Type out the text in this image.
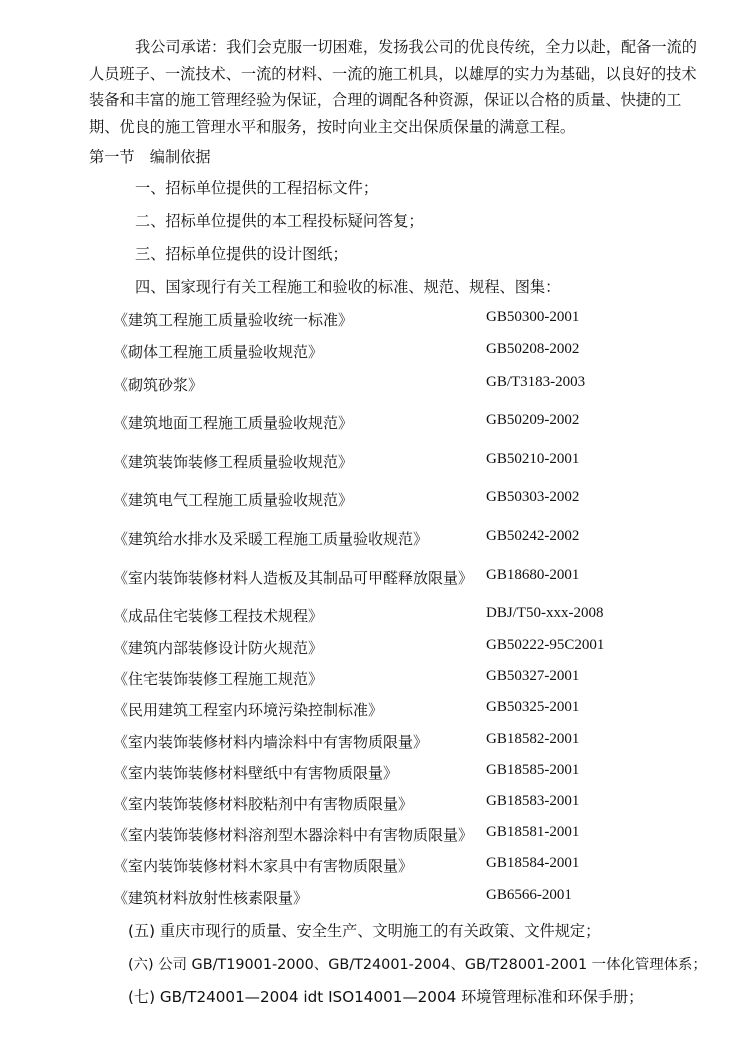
我公司承诺：我们会克服一切困难，发扬我公司的优良传统，全力以赴，配备一流的人员班子、一流技术、一流的材料、一流的施工机具，以雄厚的实力为基础，以良好的技术装备和丰富的施工管理经验为保证，合理的调配各种资源，保证以合格的质量、快捷的工期、优良的施工管理水平和服务，按时向业主交出保质保量的满意工程。
第一节　编制依据
一、招标单位提供的工程招标文件；
二、招标单位提供的本工程投标疑问答复；
三、招标单位提供的设计图纸；
四、国家现行有关工程施工和验收的标准、规范、规程、图集：
《建筑工程施工质量验收统一标准》	GB50300-2001
《砌体工程施工质量验收规范》	GB50208-2002
《砌筑砂浆》	GB/T3183-2003
《建筑地面工程施工质量验收规范》	GB50209-2002
《建筑装饰装修工程质量验收规范》	GB50210-2001
《建筑电气工程施工质量验收规范》	GB50303-2002
《建筑给水排水及采暖工程施工质量验收规范》	GB50242-2002
《室内装饰装修材料人造板及其制品可甲醛释放限量》 GB18680-2001
《成品住宅装修工程技术规程》	DBJ/T50-xxx-2008
《建筑内部装修设计防火规范》	GB50222-95C2001
《住宅装饰装修工程施工规范》	GB50327-2001
《民用建筑工程室内环境污染控制标准》	GB50325-2001
《室内装饰装修材料内墙涂料中有害物质限量》	GB18582-2001
《室内装饰装修材料壁纸中有害物质限量》	GB18585-2001
《室内装饰装修材料胶粘剂中有害物质限量》	GB18583-2001
《室内装饰装修材料溶剂型木器涂料中有害物质限量》 GB18581-2001
《室内装饰装修材料木家具中有害物质限量》	GB18584-2001
《建筑材料放射性核素限量》	GB6566-2001
(五) 重庆市现行的质量、安全生产、文明施工的有关政策、文件规定；
(六) 公司 GB/T19001-2000、GB/T24001-2004、GB/T28001-2001 一体化管理体系；
(七) GB/T24001—2004 idt ISO14001—2004 环境管理标准和环保手册；
